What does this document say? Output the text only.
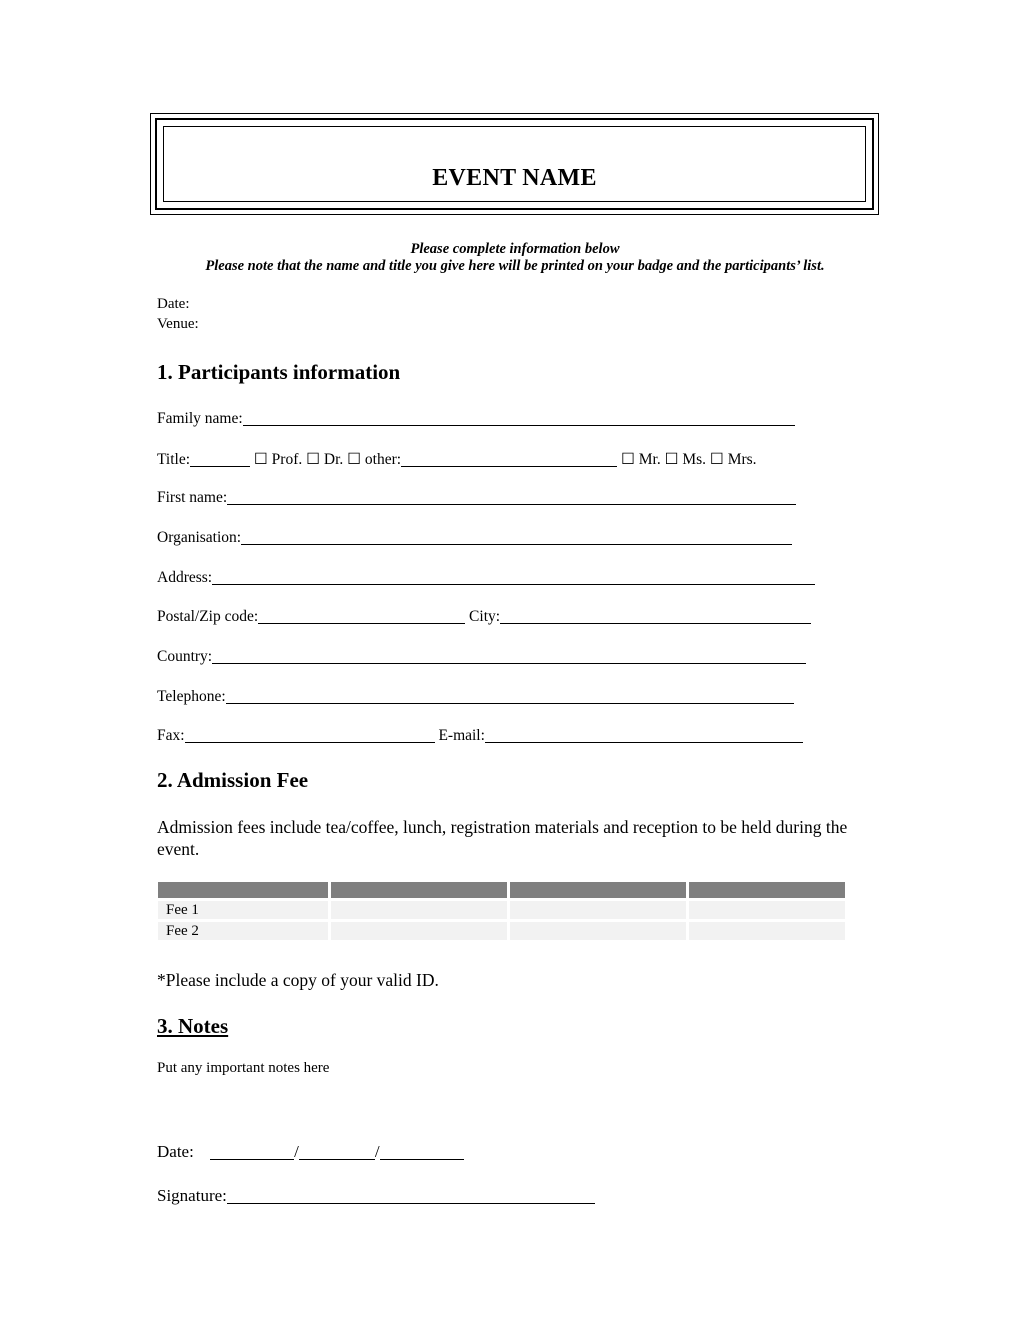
EVENT NAME
Please complete information below
Please note that the name and title you give here will be printed on your badge and the participants’ list.
Date:
Venue:
1. Participants information
Family name:
Title:	☐ Prof. ☐ Dr. ☐ other:	☐ Mr. ☐ Ms. ☐ Mrs.
First name:
Organisation:
Address:
Postal/Zip code:	City:
Country:
Telephone:
Fax:	E-mail:
2. Admission Fee
Admission fees include tea/coffee, lunch, registration materials and reception to be held during the event.

Fee 1			
Fee 2			
*Please include a copy of your valid ID.
3. Notes
Put any important notes here
Date:	/	/
Signature:
